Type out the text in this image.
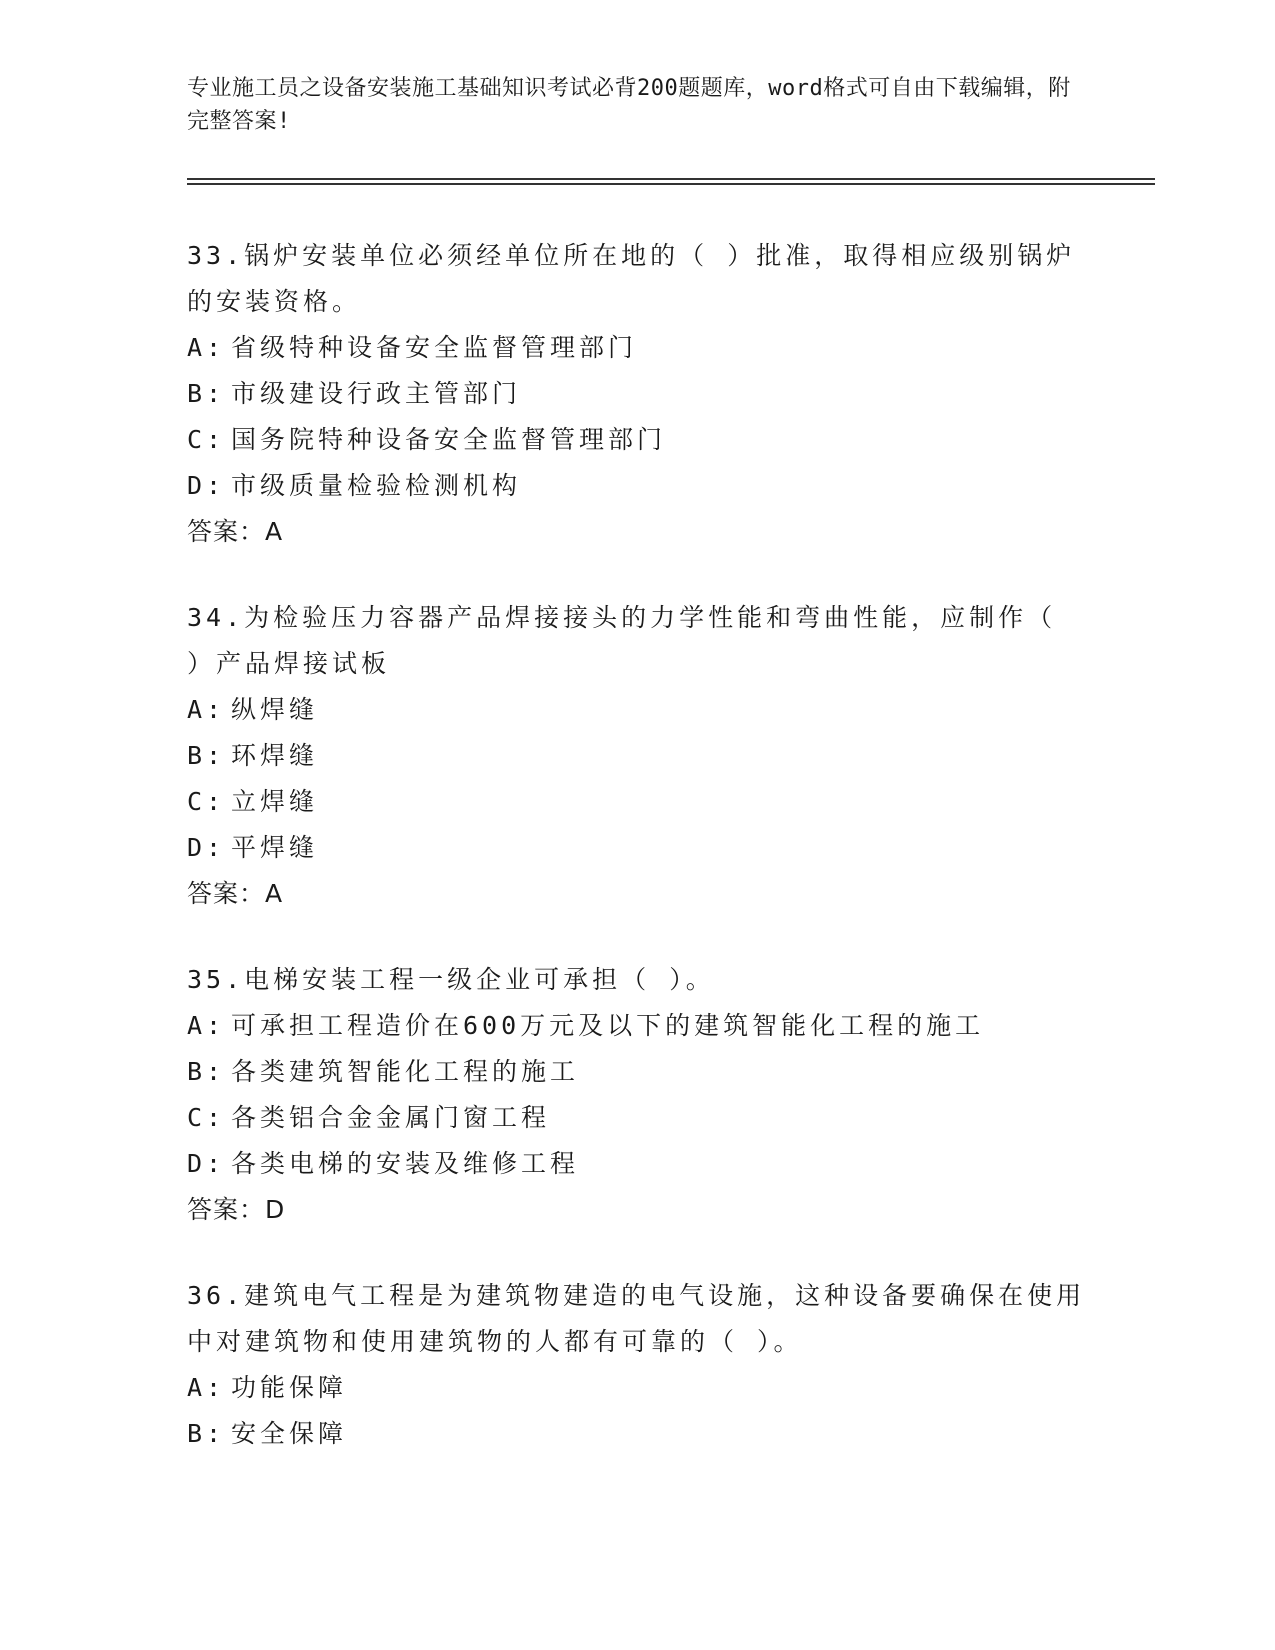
专业施工员之设备安装施工基础知识考试必背200题题库，word格式可自由下载编辑，附完整答案!

33.锅炉安装单位必须经单位所在地的（ ）批准，取得相应级别锅炉的安装资格。

A: 省级特种设备安全监督管理部门

B: 市级建设行政主管部门

C: 国务院特种设备安全监督管理部门

D: 市级质量检验检测机构

答案：A

34.为检验压力容器产品焊接接头的力学性能和弯曲性能，应制作（ ）产品焊接试板

A: 纵焊缝

B: 环焊缝

C: 立焊缝

D: 平焊缝

答案：A

35.电梯安装工程一级企业可承担（ ）。

A: 可承担工程造价在600万元及以下的建筑智能化工程的施工

B: 各类建筑智能化工程的施工

C: 各类铝合金金属门窗工程

D: 各类电梯的安装及维修工程

答案：D

36.建筑电气工程是为建筑物建造的电气设施，这种设备要确保在使用中对建筑物和使用建筑物的人都有可靠的（ ）。

A: 功能保障

B: 安全保障
